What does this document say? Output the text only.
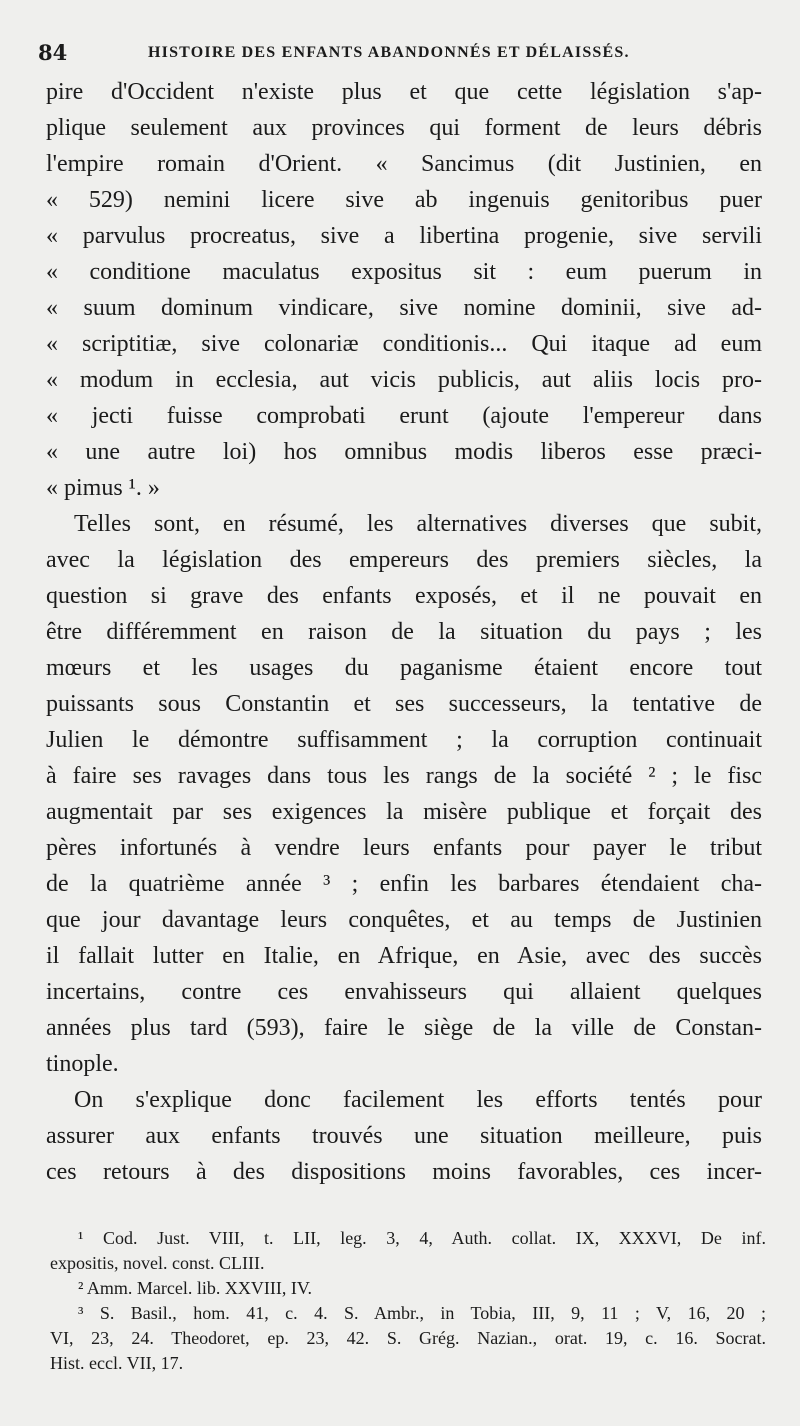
84	HISTOIRE DES ENFANTS ABANDONNÉS ET DÉLAISSÉS.
pire d'Occident n'existe plus et que cette législation s'ap-
plique seulement aux provinces qui forment de leurs débris
l'empire romain d'Orient. « Sancimus (dit Justinien, en
« 529) nemini licere sive ab ingenuis genitoribus puer
« parvulus procreatus, sive a libertina progenie, sive servili
« conditione maculatus expositus sit : eum puerum in
« suum dominum vindicare, sive nomine dominii, sive ad-
« scriptitiæ, sive colonariæ conditionis... Qui itaque ad eum
« modum in ecclesia, aut vicis publicis, aut aliis locis pro-
« jecti fuisse comprobati erunt (ajoute l'empereur dans
« une autre loi) hos omnibus modis liberos esse præci-
« pimus ¹. »
Telles sont, en résumé, les alternatives diverses que subit,
avec la législation des empereurs des premiers siècles, la
question si grave des enfants exposés, et il ne pouvait en
être différemment en raison de la situation du pays ; les
mœurs et les usages du paganisme étaient encore tout
puissants sous Constantin et ses successeurs, la tentative de
Julien le démontre suffisamment ; la corruption continuait
à faire ses ravages dans tous les rangs de la société ² ; le fisc
augmentait par ses exigences la misère publique et forçait des
pères infortunés à vendre leurs enfants pour payer le tribut
de la quatrième année ³ ; enfin les barbares étendaient cha-
que jour davantage leurs conquêtes, et au temps de Justinien
il fallait lutter en Italie, en Afrique, en Asie, avec des succès
incertains, contre ces envahisseurs qui allaient quelques
années plus tard (593), faire le siège de la ville de Constan-
tinople.
On s'explique donc facilement les efforts tentés pour
assurer aux enfants trouvés une situation meilleure, puis
ces retours à des dispositions moins favorables, ces incer-
¹ Cod. Just. VIII, t. LII, leg. 3, 4, Auth. collat. IX, XXXVI, De inf.
expositis, novel. const. CLIII.
² Amm. Marcel. lib. XXVIII, IV.
³ S. Basil., hom. 41, c. 4. S. Ambr., in Tobia, III, 9, 11 ; V, 16, 20 ;
VI, 23, 24. Theodoret, ep. 23, 42. S. Grég. Nazian., orat. 19, c. 16. Socrat.
Hist. eccl. VII, 17.
